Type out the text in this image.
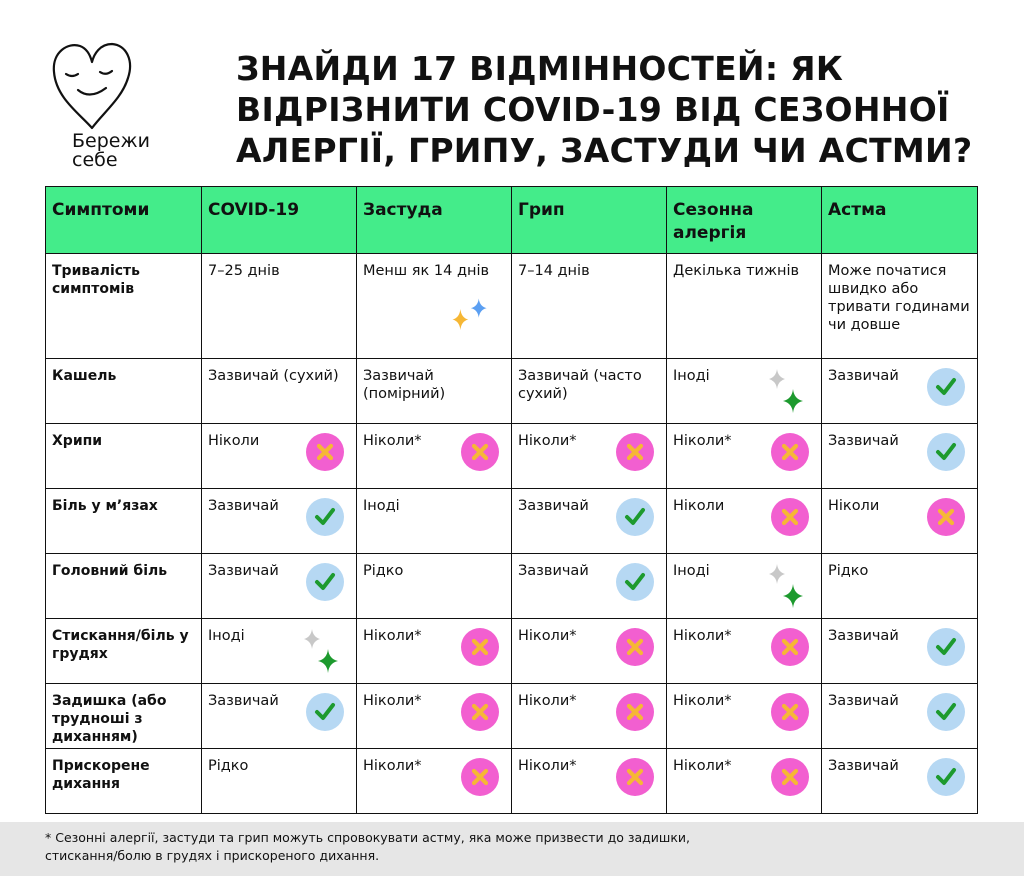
Бережи
себе
ЗНАЙДИ 17 ВІДМІННОСТЕЙ: ЯК ВІДРІЗНИТИ COVID-19 ВІД СЕЗОННОЇ АЛЕРГІЇ, ГРИПУ, ЗАСТУДИ ЧИ АСТМИ?
Симптоми	COVID-19	Застуда	Грип	Сезонна алергія	Астма

Тривалість симптомів	7–25 днів	Менш як 14 днів	7–14 днів	Декілька тижнів	Може початися швидко або тривати годинами чи довше

Кашель	Зазвичай (сухий)	Зазвичай (помірний)	Зазвичай (часто сухий)	Іноді	Зазвичай

Хрипи	Ніколи	Ніколи*	Ніколи*	Ніколи*	Зазвичай

Біль у м’язах	Зазвичай	Іноді	Зазвичай	Ніколи	Ніколи

Головний біль	Зазвичай	Рідко	Зазвичай	Іноді	Рідко

Стискання/біль у грудях	Іноді	Ніколи*	Ніколи*	Ніколи*	Зазвичай

Задишка (або трудноші з диханням)	Зазвичай	Ніколи*	Ніколи*	Ніколи*	Зазвичай

Прискорене дихання	Рідко	Ніколи*	Ніколи*	Ніколи*	Зазвичай

* Сезонні алергії, застуди та грип можуть спровокувати астму, яка може призвести до задишки, стискання/болю в грудях і прискореного дихання.
